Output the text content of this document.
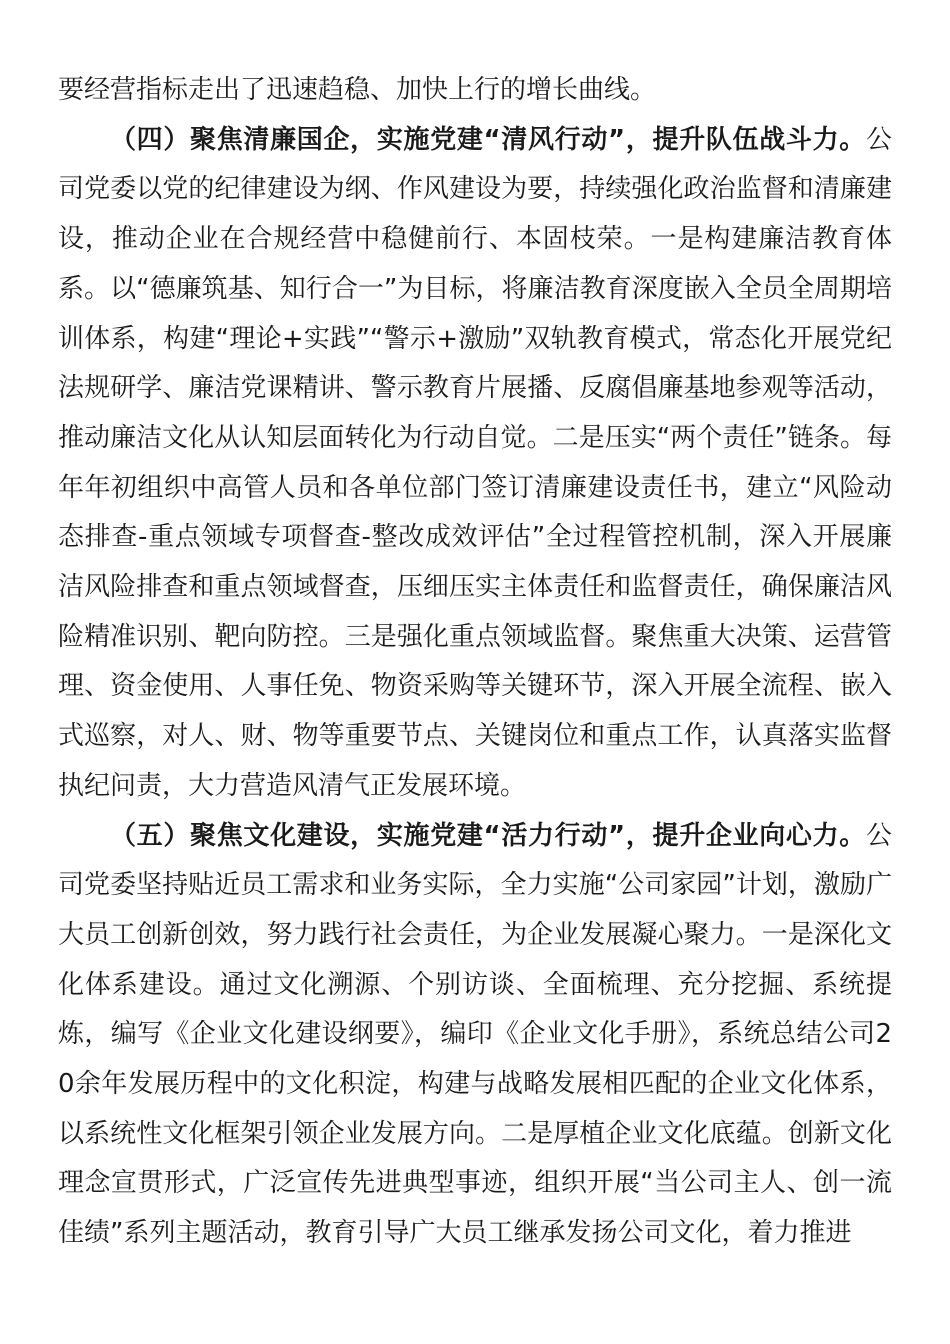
要经营指标走出了迅速趋稳、加快上行的增长曲线。

（四）聚焦清廉国企，实施党建“清风行动”，提升队伍战斗力。公司党委以党的纪律建设为纲、作风建设为要，持续强化政治监督和清廉建设，推动企业在合规经营中稳健前行、本固枝荣。一是构建廉洁教育体系。以“德廉筑基、知行合一”为目标，将廉洁教育深度嵌入全员全周期培训体系，构建“理论+实践”“警示+激励”双轨教育模式，常态化开展党纪法规研学、廉洁党课精讲、警示教育片展播、反腐倡廉基地参观等活动，推动廉洁文化从认知层面转化为行动自觉。二是压实“两个责任”链条。每年年初组织中高管人员和各单位部门签订清廉建设责任书，建立“风险动态排查-重点领域专项督查-整改成效评估”全过程管控机制，深入开展廉洁风险排查和重点领域督查，压细压实主体责任和监督责任，确保廉洁风险精准识别、靶向防控。三是强化重点领域监督。聚焦重大决策、运营管理、资金使用、人事任免、物资采购等关键环节，深入开展全流程、嵌入式巡察，对人、财、物等重要节点、关键岗位和重点工作，认真落实监督执纪问责，大力营造风清气正发展环境。

（五）聚焦文化建设，实施党建“活力行动”，提升企业向心力。公司党委坚持贴近员工需求和业务实际，全力实施“公司家园”计划，激励广大员工创新创效，努力践行社会责任，为企业发展凝心聚力。一是深化文化体系建设。通过文化溯源、个别访谈、全面梳理、充分挖掘、系统提炼，编写《企业文化建设纲要》，编印《企业文化手册》，系统总结公司20余年发展历程中的文化积淀，构建与战略发展相匹配的企业文化体系，以系统性文化框架引领企业发展方向。二是厚植企业文化底蕴。创新文化理念宣贯形式，广泛宣传先进典型事迹，组织开展“当公司主人、创一流佳绩”系列主题活动，教育引导广大员工继承发扬公司文化，着力推进
